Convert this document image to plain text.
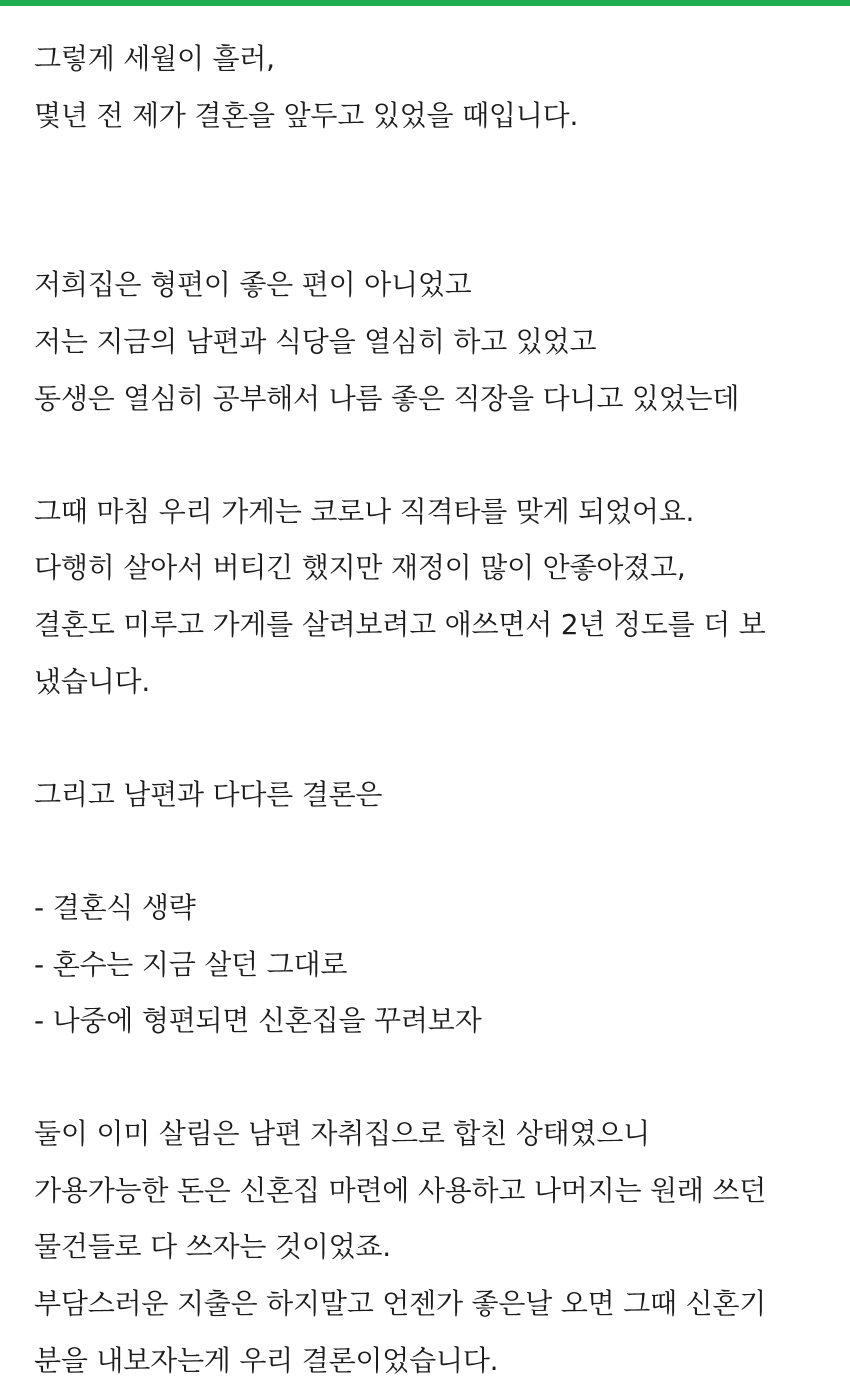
그렇게 세월이 흘러,
몇년 전 제가 결혼을 앞두고 있었을 때입니다.
저희집은 형편이 좋은 편이 아니었고
저는 지금의 남편과 식당을 열심히 하고 있었고
동생은 열심히 공부해서 나름 좋은 직장을 다니고 있었는데
그때 마침 우리 가게는 코로나 직격타를 맞게 되었어요.
다행히 살아서 버티긴 했지만 재정이 많이 안좋아졌고,
결혼도 미루고 가게를 살려보려고 애쓰면서 2년 정도를 더 보
냈습니다.
그리고 남편과 다다른 결론은
- 결혼식 생략
- 혼수는 지금 살던 그대로
- 나중에 형편되면 신혼집을 꾸려보자
둘이 이미 살림은 남편 자취집으로 합친 상태였으니
가용가능한 돈은 신혼집 마련에 사용하고 나머지는 원래 쓰던
물건들로 다 쓰자는 것이었죠.
부담스러운 지출은 하지말고 언젠가 좋은날 오면 그때 신혼기
분을 내보자는게 우리 결론이었습니다.
